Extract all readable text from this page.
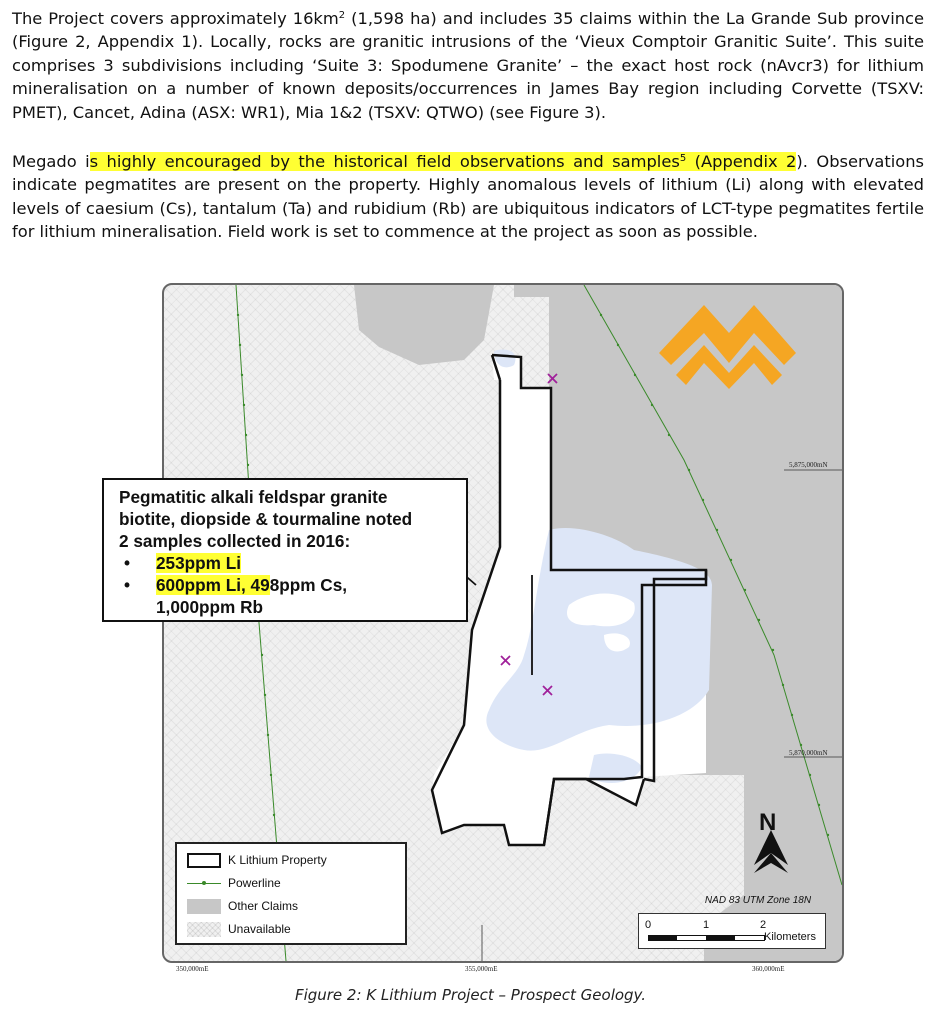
The Project covers approximately $16km^2$ (1,598 ha) and includes 35 claims within the La Grande Sub province (Figure 2, Appendix 1). Locally, rocks are granitic intrusions of the ‘Vieux Comptoir Granitic Suite’. This suite comprises 3 subdivisions including ‘Suite 3: Spodumene Granite’ – the exact host rock (nAvcr3) for lithium mineralisation on a number of known deposits/occurrences in James Bay region including Corvette (TSXV: PMET), Cancet, Adina (ASX: WR1), Mia 1&2 (TSXV: QTWO) (see Figure 3).

Megado is highly encouraged by the historical field observations and samples$^5$ (Appendix 2). Observations indicate pegmatites are present on the property. Highly anomalous levels of lithium (Li) along with elevated levels of caesium (Cs), tantalum (Ta) and rubidium (Rb) are ubiquitous indicators of LCT-type pegmatites fertile for lithium mineralisation. Field work is set to commence at the project as soon as possible.

5,875,000mN
5,870,000mN
350,000mE	355,000mE	360,000mE
Pegmatitic alkali feldspar granite
biotite, diopside & tourmaline noted
2 samples collected in 2016:
• 253ppm Li
• 600ppm Li, 498ppm Cs,
1,000ppm Rb
K Lithium Property
Powerline
Other Claims
Unavailable
N
NAD 83 UTM Zone 18N
0	1	2
Kilometers
Figure 2: K Lithium Project – Prospect Geology.
